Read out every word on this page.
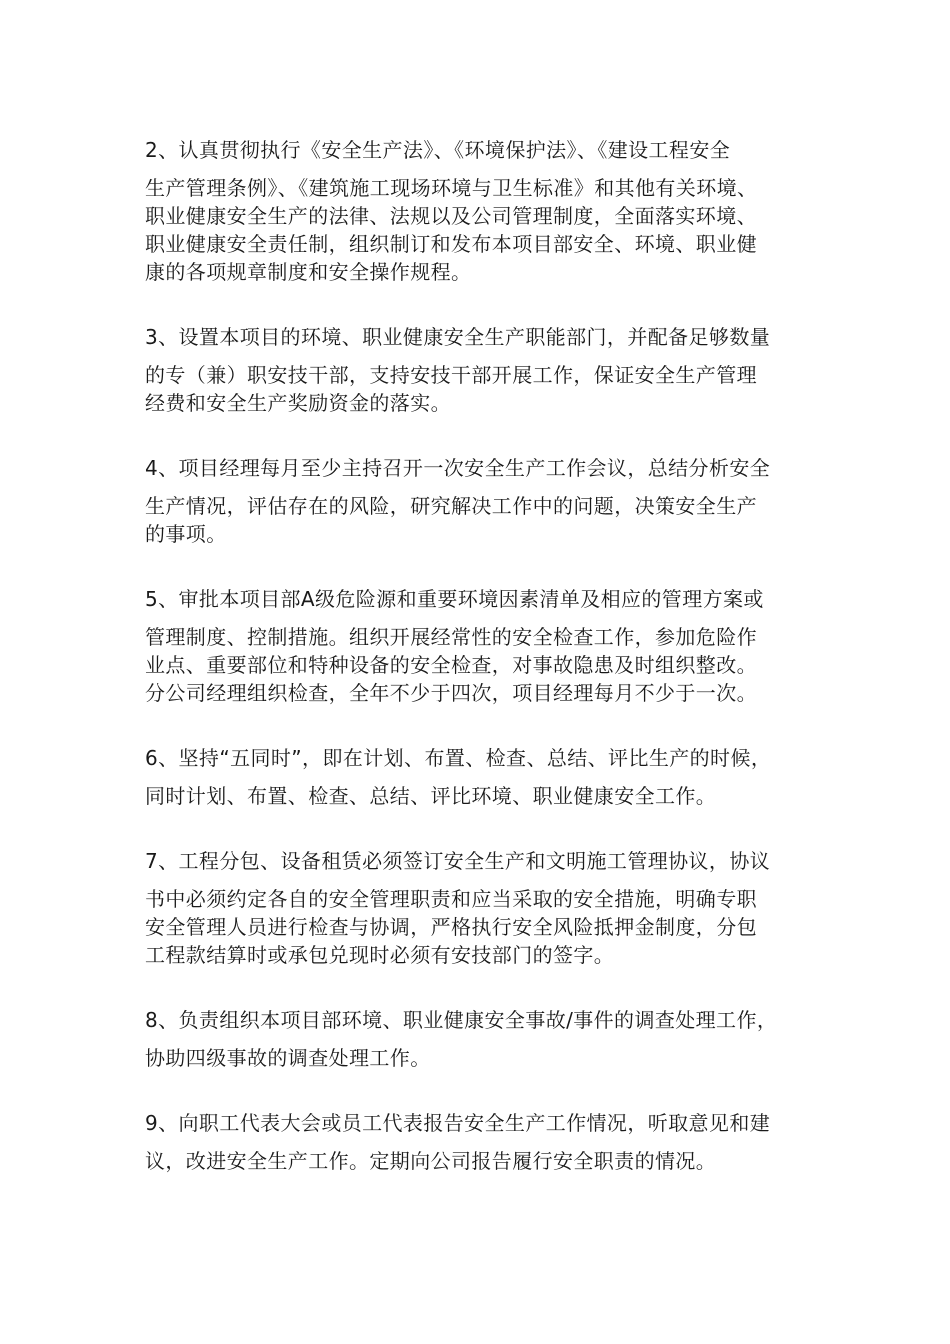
2、认真贯彻执行《安全生产法》、《环境保护法》、《建设工程安全
生产管理条例》、《建筑施工现场环境与卫生标准》和其他有关环境、
职业健康安全生产的法律、法规以及公司管理制度，全面落实环境、
职业健康安全责任制，组织制订和发布本项目部安全、环境、职业健
康的各项规章制度和安全操作规程。
3、设置本项目的环境、职业健康安全生产职能部门，并配备足够数量
的专（兼）职安技干部，支持安技干部开展工作，保证安全生产管理
经费和安全生产奖励资金的落实。
4、项目经理每月至少主持召开一次安全生产工作会议，总结分析安全
生产情况，评估存在的风险，研究解决工作中的问题，决策安全生产
的事项。
5、审批本项目部A级危险源和重要环境因素清单及相应的管理方案或
管理制度、控制措施。组织开展经常性的安全检查工作，参加危险作
业点、重要部位和特种设备的安全检查，对事故隐患及时组织整改。
分公司经理组织检查，全年不少于四次，项目经理每月不少于一次。
6、坚持“五同时”，即在计划、布置、检查、总结、评比生产的时候，
同时计划、布置、检查、总结、评比环境、职业健康安全工作。
7、工程分包、设备租赁必须签订安全生产和文明施工管理协议，协议
书中必须约定各自的安全管理职责和应当采取的安全措施，明确专职
安全管理人员进行检查与协调，严格执行安全风险抵押金制度，分包
工程款结算时或承包兑现时必须有安技部门的签字。
8、负责组织本项目部环境、职业健康安全事故/事件的调查处理工作，
协助四级事故的调查处理工作。
9、向职工代表大会或员工代表报告安全生产工作情况，听取意见和建
议，改进安全生产工作。定期向公司报告履行安全职责的情况。
